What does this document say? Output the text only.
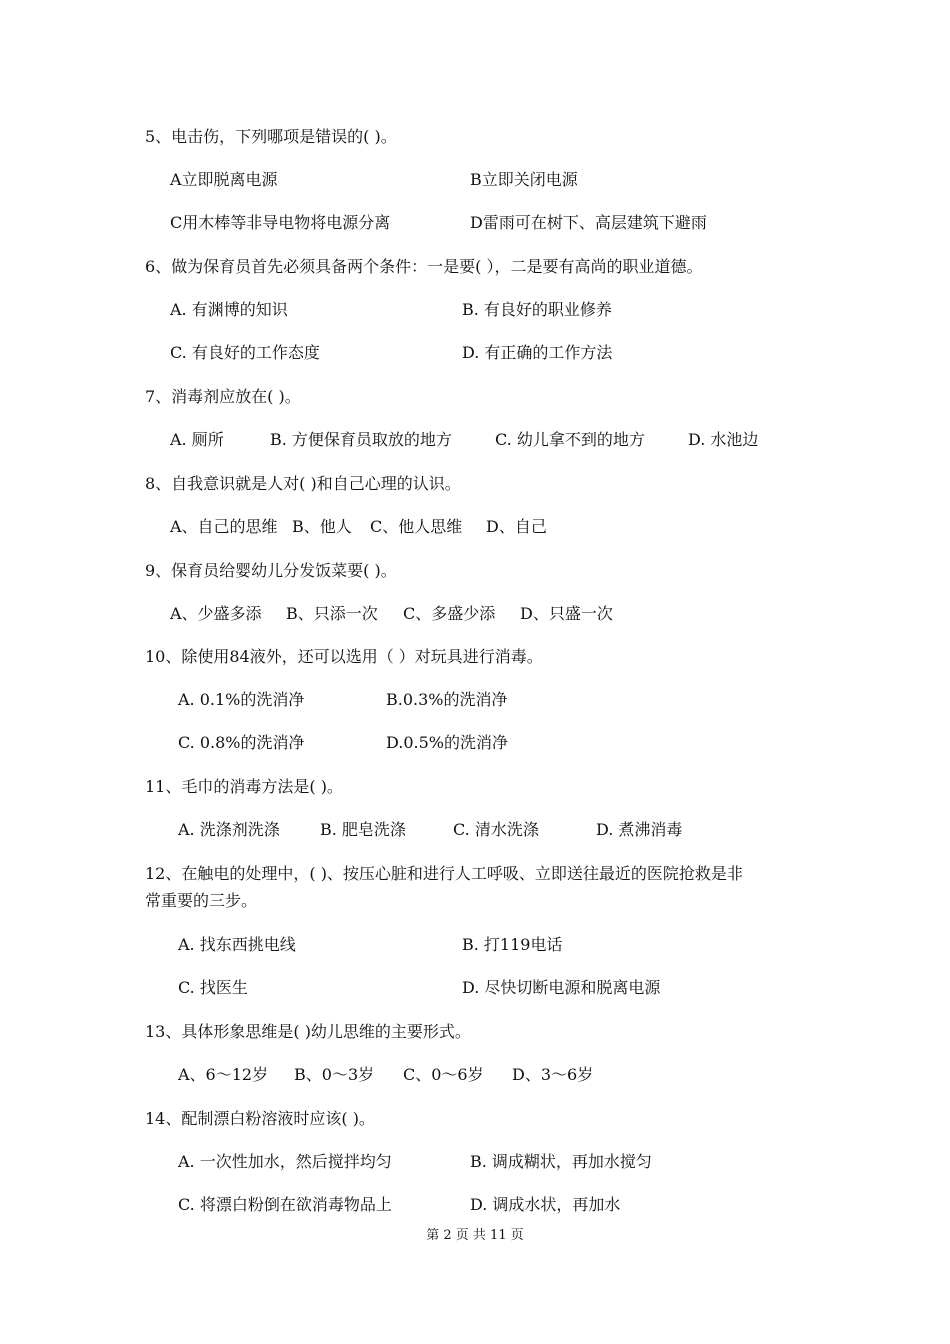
5、电击伤，下列哪项是错误的( )。
A立即脱离电源	B立即关闭电源
C用木棒等非导电物将电源分离	D雷雨可在树下、高层建筑下避雨
6、做为保育员首先必须具备两个条件：一是要( ），二是要有高尚的职业道德。
A. 有渊博的知识	B. 有良好的职业修养
C. 有良好的工作态度	D. 有正确的工作方法
7、消毒剂应放在( )。
A. 厕所	B. 方便保育员取放的地方	C. 幼儿拿不到的地方	D. 水池边
8、自我意识就是人对( )和自己心理的认识。
A、自己的思维 B、他人 C、他人思维 D、自己
9、保育员给婴幼儿分发饭菜要( )。
A、少盛多添 B、只添一次 C、多盛少添 D、只盛一次
10、除使用84液外，还可以选用（ ）对玩具进行消毒。
A. 0.1%的洗消净	B.0.3%的洗消净
C. 0.8%的洗消净	D.0.5%的洗消净
11、毛巾的消毒方法是( )。
A. 洗涤剂洗涤	B. 肥皂洗涤	C. 清水洗涤	D. 煮沸消毒
12、在触电的处理中，( )、按压心脏和进行人工呼吸、立即送往最近的医院抢救是非
常重要的三步。
A. 找东西挑电线	B. 打119电话
C. 找医生	D. 尽快切断电源和脱离电源
13、具体形象思维是( )幼儿思维的主要形式。
A、6～12岁 B、0～3岁 C、0～6岁 D、3～6岁
14、配制漂白粉溶液时应该( )。
A. 一次性加水，然后搅拌均匀	B. 调成糊状，再加水搅匀
C. 将漂白粉倒在欲消毒物品上	D. 调成水状，再加水
第 2 页 共 11 页
